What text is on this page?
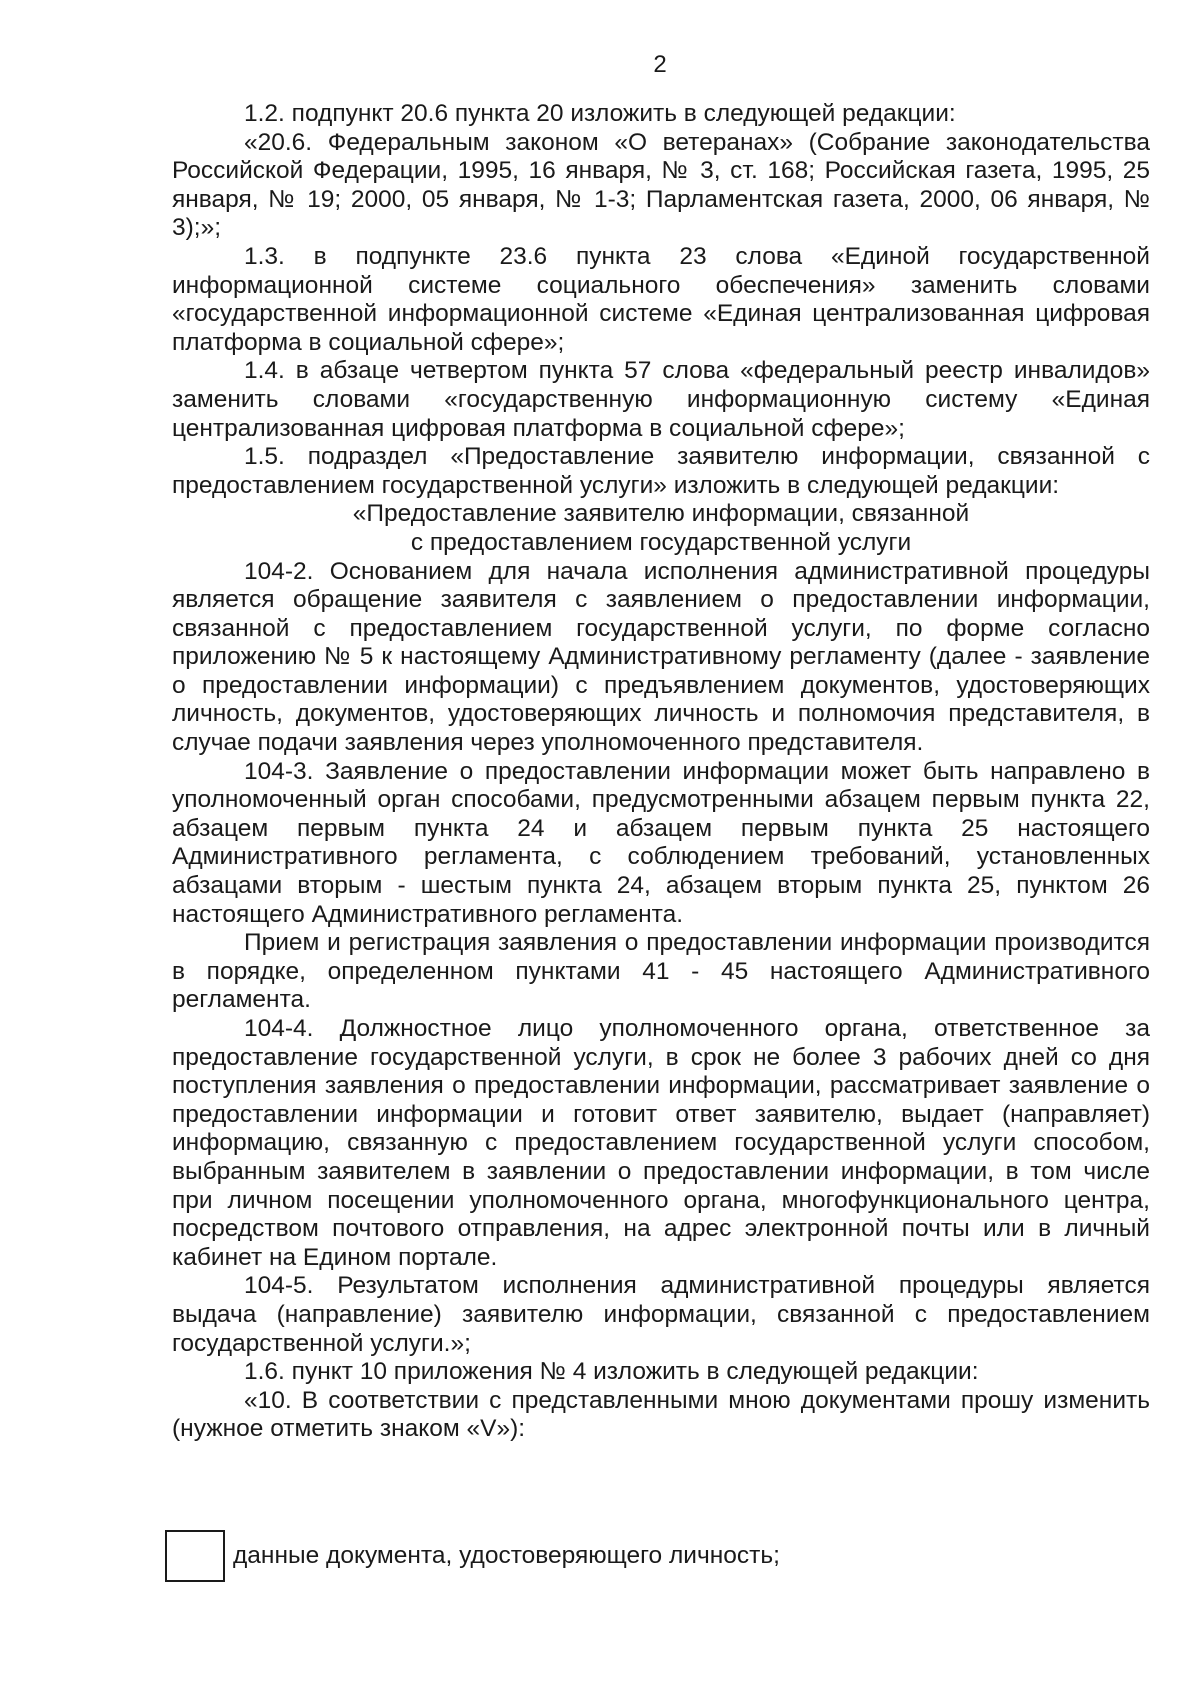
2

1.2. подпункт 20.6 пункта 20 изложить в следующей редакции:

«20.6. Федеральным законом «О ветеранах» (Собрание законодательства Российской Федерации, 1995, 16 января, № 3, ст. 168; Российская газета, 1995, 25 января, № 19; 2000, 05 января, № 1-3; Парламентская газета, 2000, 06 января, № 3);»;

1.3. в подпункте 23.6 пункта 23 слова «Единой государственной информационной системе социального обеспечения» заменить словами «государственной информационной системе «Единая централизованная цифровая платформа в социальной сфере»;

1.4. в абзаце четвертом пункта 57 слова «федеральный реестр инвалидов» заменить словами «государственную информационную систему «Единая централизованная цифровая платформа в социальной сфере»;

1.5. подраздел «Предоставление заявителю информации, связанной с предоставлением государственной услуги» изложить в следующей редакции:

«Предоставление заявителю информации, связанной

с предоставлением государственной услуги

104-2. Основанием для начала исполнения административной процедуры является обращение заявителя с заявлением о предоставлении информации, связанной с предоставлением государственной услуги, по форме согласно приложению № 5 к настоящему Административному регламенту (далее - заявление о предоставлении информации) с предъявлением документов, удостоверяющих личность, документов, удостоверяющих личность и полномочия представителя, в случае подачи заявления через уполномоченного представителя.

104-3. Заявление о предоставлении информации может быть направлено в уполномоченный орган способами, предусмотренными абзацем первым пункта 22, абзацем первым пункта 24 и абзацем первым пункта 25 настоящего Административного регламента, с соблюдением требований, установленных абзацами вторым - шестым пункта 24, абзацем вторым пункта 25, пунктом 26 настоящего Административного регламента.

Прием и регистрация заявления о предоставлении информации производится в порядке, определенном пунктами 41 - 45 настоящего Административного регламента.

104-4. Должностное лицо уполномоченного органа, ответственное за предоставление государственной услуги, в срок не более 3 рабочих дней со дня поступления заявления о предоставлении информации, рассматривает заявление о предоставлении информации и готовит ответ заявителю, выдает (направляет) информацию, связанную с предоставлением государственной услуги способом, выбранным заявителем в заявлении о предоставлении информации, в том числе при личном посещении уполномоченного органа, многофункционального центра, посредством почтового отправления, на адрес электронной почты или в личный кабинет на Едином портале.

104-5. Результатом исполнения административной процедуры является выдача (направление) заявителю информации, связанной с предоставлением государственной услуги.»;

1.6. пункт 10 приложения № 4 изложить в следующей редакции:

«10. В соответствии с представленными мною документами прошу изменить (нужное отметить знаком «V»):

данные документа, удостоверяющего личность;
